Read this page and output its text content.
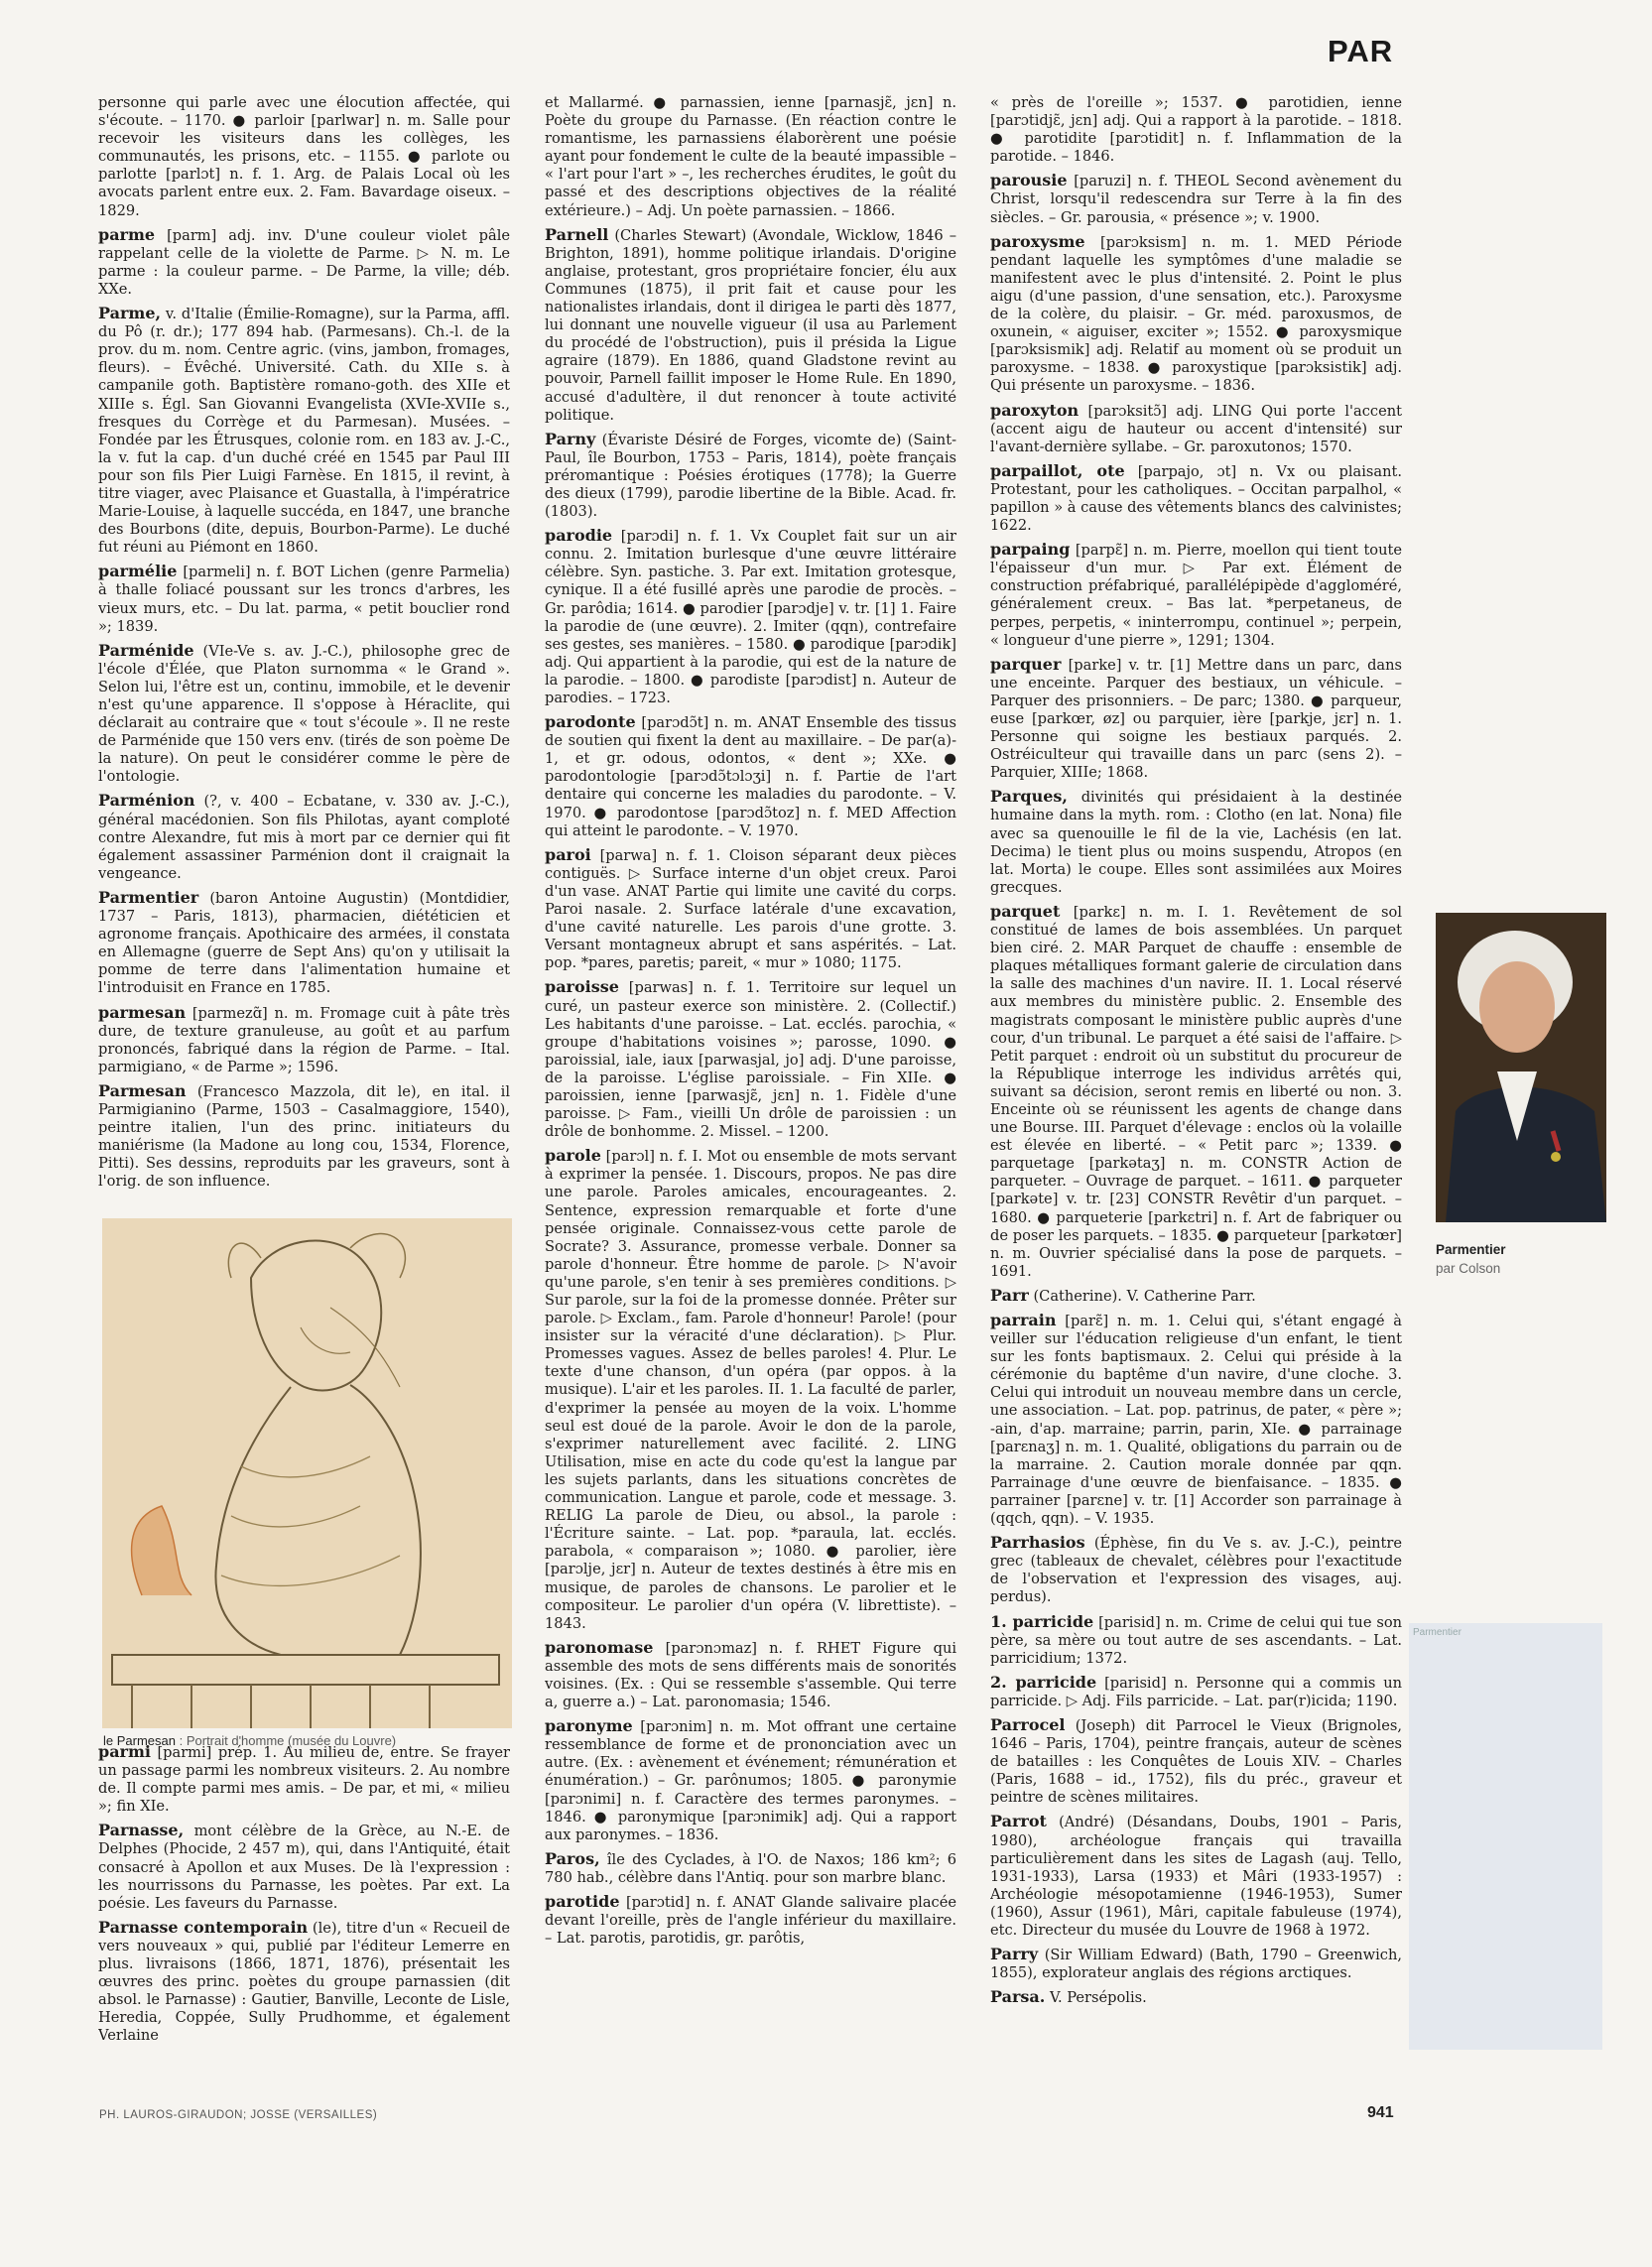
PAR

personne qui parle avec une élocution affectée, qui s'écoute. – 1170. ● parloir [parlwar] n. m. Salle pour recevoir les visiteurs dans les collèges, les communautés, les prisons, etc. – 1155. ● parlote ou parlotte [parlɔt] n. f. 1. Arg. de Palais Local où les avocats parlent entre eux. 2. Fam. Bavardage oiseux. – 1829.

parme [parm] adj. inv. D'une couleur violet pâle rappelant celle de la violette de Parme. ▷ N. m. Le parme : la couleur parme. – De Parme, la ville; déb. XXe.

Parme, v. d'Italie (Émilie-Romagne), sur la Parma, affl. du Pô (r. dr.); 177 894 hab. (Parmesans). Ch.-l. de la prov. du m. nom. Centre agric. (vins, jambon, fromages, fleurs). – Évêché. Université. Cath. du XIIe s. à campanile goth. Baptistère romano-goth. des XIIe et XIIIe s. Égl. San Giovanni Evangelista (XVIe-XVIIe s., fresques du Corrège et du Parmesan). Musées. – Fondée par les Étrusques, colonie rom. en 183 av. J.-C., la v. fut la cap. d'un duché créé en 1545 par Paul III pour son fils Pier Luigi Farnèse. En 1815, il revint, à titre viager, avec Plaisance et Guastalla, à l'impératrice Marie-Louise, à laquelle succéda, en 1847, une branche des Bourbons (dite, depuis, Bourbon-Parme). Le duché fut réuni au Piémont en 1860.

parmélie [parmeli] n. f. BOT Lichen (genre Parmelia) à thalle foliacé poussant sur les troncs d'arbres, les vieux murs, etc. – Du lat. parma, « petit bouclier rond »; 1839.

Parménide (VIe-Ve s. av. J.-C.), philosophe grec de l'école d'Élée, que Platon surnomma « le Grand ». Selon lui, l'être est un, continu, immobile, et le devenir n'est qu'une apparence. Il s'oppose à Héraclite, qui déclarait au contraire que « tout s'écoule ». Il ne reste de Parménide que 150 vers env. (tirés de son poème De la nature). On peut le considérer comme le père de l'ontologie.

Parménion (?, v. 400 – Ecbatane, v. 330 av. J.-C.), général macédonien. Son fils Philotas, ayant comploté contre Alexandre, fut mis à mort par ce dernier qui fit également assassiner Parménion dont il craignait la vengeance.

Parmentier (baron Antoine Augustin) (Montdidier, 1737 – Paris, 1813), pharmacien, diététicien et agronome français. Apothicaire des armées, il constata en Allemagne (guerre de Sept Ans) qu'on y utilisait la pomme de terre dans l'alimentation humaine et l'introduisit en France en 1785.

parmesan [parmezɑ̃] n. m. Fromage cuit à pâte très dure, de texture granuleuse, au goût et au parfum prononcés, fabriqué dans la région de Parme. – Ital. parmigiano, « de Parme »; 1596.

Parmesan (Francesco Mazzola, dit le), en ital. il Parmigianino (Parme, 1503 – Casalmaggiore, 1540), peintre italien, l'un des princ. initiateurs du maniérisme (la Madone au long cou, 1534, Florence, Pitti). Ses dessins, reproduits par les graveurs, sont à l'orig. de son influence.

le Parmesan : Portrait d'homme (musée du Louvre)

parmi [parmi] prép. 1. Au milieu de, entre. Se frayer un passage parmi les nombreux visiteurs. 2. Au nombre de. Il compte parmi mes amis. – De par, et mi, « milieu »; fin XIe.

Parnasse, mont célèbre de la Grèce, au N.-E. de Delphes (Phocide, 2 457 m), qui, dans l'Antiquité, était consacré à Apollon et aux Muses. De là l'expression : les nourrissons du Parnasse, les poètes. Par ext. La poésie. Les faveurs du Parnasse.

Parnasse contemporain (le), titre d'un « Recueil de vers nouveaux » qui, publié par l'éditeur Lemerre en plus. livraisons (1866, 1871, 1876), présentait les œuvres des princ. poètes du groupe parnassien (dit absol. le Parnasse) : Gautier, Banville, Leconte de Lisle, Heredia, Coppée, Sully Prudhomme, et également Verlaine

et Mallarmé. ● parnassien, ienne [parnasjɛ̃, jɛn] n. Poète du groupe du Parnasse. (En réaction contre le romantisme, les parnassiens élaborèrent une poésie ayant pour fondement le culte de la beauté impassible – « l'art pour l'art » –, les recherches érudites, le goût du passé et des descriptions objectives de la réalité extérieure.) – Adj. Un poète parnassien. – 1866.

Parnell (Charles Stewart) (Avondale, Wicklow, 1846 – Brighton, 1891), homme politique irlandais. D'origine anglaise, protestant, gros propriétaire foncier, élu aux Communes (1875), il prit fait et cause pour les nationalistes irlandais, dont il dirigea le parti dès 1877, lui donnant une nouvelle vigueur (il usa au Parlement du procédé de l'obstruction), puis il présida la Ligue agraire (1879). En 1886, quand Gladstone revint au pouvoir, Parnell faillit imposer le Home Rule. En 1890, accusé d'adultère, il dut renoncer à toute activité politique.

Parny (Évariste Désiré de Forges, vicomte de) (Saint-Paul, île Bourbon, 1753 – Paris, 1814), poète français préromantique : Poésies érotiques (1778); la Guerre des dieux (1799), parodie libertine de la Bible. Acad. fr. (1803).

parodie [parɔdi] n. f. 1. Vx Couplet fait sur un air connu. 2. Imitation burlesque d'une œuvre littéraire célèbre. Syn. pastiche. 3. Par ext. Imitation grotesque, cynique. Il a été fusillé après une parodie de procès. – Gr. parôdia; 1614. ● parodier [parɔdje] v. tr. [1] 1. Faire la parodie de (une œuvre). 2. Imiter (qqn), contrefaire ses gestes, ses manières. – 1580. ● parodique [parɔdik] adj. Qui appartient à la parodie, qui est de la nature de la parodie. – 1800. ● parodiste [parɔdist] n. Auteur de parodies. – 1723.

parodonte [parɔdɔ̃t] n. m. ANAT Ensemble des tissus de soutien qui fixent la dent au maxillaire. – De par(a)- 1, et gr. odous, odontos, « dent »; XXe. ● parodontologie [parɔdɔ̃tɔlɔʒi] n. f. Partie de l'art dentaire qui concerne les maladies du parodonte. – V. 1970. ● parodontose [parɔdɔ̃toz] n. f. MED Affection qui atteint le parodonte. – V. 1970.

paroi [parwa] n. f. 1. Cloison séparant deux pièces contiguës. ▷ Surface interne d'un objet creux. Paroi d'un vase. ANAT Partie qui limite une cavité du corps. Paroi nasale. 2. Surface latérale d'une excavation, d'une cavité naturelle. Les parois d'une grotte. 3. Versant montagneux abrupt et sans aspérités. – Lat. pop. *pares, paretis; pareit, « mur » 1080; 1175.

paroisse [parwas] n. f. 1. Territoire sur lequel un curé, un pasteur exerce son ministère. 2. (Collectif.) Les habitants d'une paroisse. – Lat. ecclés. parochia, « groupe d'habitations voisines »; parosse, 1090. ● paroissial, iale, iaux [parwasjal, jo] adj. D'une paroisse, de la paroisse. L'église paroissiale. – Fin XIIe. ● paroissien, ienne [parwasjɛ̃, jɛn] n. 1. Fidèle d'une paroisse. ▷ Fam., vieilli Un drôle de paroissien : un drôle de bonhomme. 2. Missel. – 1200.

parole [parɔl] n. f. I. Mot ou ensemble de mots servant à exprimer la pensée. 1. Discours, propos. Ne pas dire une parole. Paroles amicales, encourageantes. 2. Sentence, expression remarquable et forte d'une pensée originale. Connaissez-vous cette parole de Socrate? 3. Assurance, promesse verbale. Donner sa parole d'honneur. Être homme de parole. ▷ N'avoir qu'une parole, s'en tenir à ses premières conditions. ▷ Sur parole, sur la foi de la promesse donnée. Prêter sur parole. ▷ Exclam., fam. Parole d'honneur! Parole! (pour insister sur la véracité d'une déclaration). ▷ Plur. Promesses vagues. Assez de belles paroles! 4. Plur. Le texte d'une chanson, d'un opéra (par oppos. à la musique). L'air et les paroles. II. 1. La faculté de parler, d'exprimer la pensée au moyen de la voix. L'homme seul est doué de la parole. Avoir le don de la parole, s'exprimer naturellement avec facilité. 2. LING Utilisation, mise en acte du code qu'est la langue par les sujets parlants, dans les situations concrètes de communication. Langue et parole, code et message. 3. RELIG La parole de Dieu, ou absol., la parole : l'Écriture sainte. – Lat. pop. *paraula, lat. ecclés. parabola, « comparaison »; 1080. ● parolier, ière [parɔlje, jɛr] n. Auteur de textes destinés à être mis en musique, de paroles de chansons. Le parolier et le compositeur. Le parolier d'un opéra (V. librettiste). – 1843.

paronomase [parɔnɔmaz] n. f. RHET Figure qui assemble des mots de sens différents mais de sonorités voisines. (Ex. : Qui se ressemble s'assemble. Qui terre a, guerre a.) – Lat. paronomasia; 1546.

paronyme [parɔnim] n. m. Mot offrant une certaine ressemblance de forme et de prononciation avec un autre. (Ex. : avènement et événement; rémunération et énumération.) – Gr. parônumos; 1805. ● paronymie [parɔnimi] n. f. Caractère des termes paronymes. – 1846. ● paronymique [parɔnimik] adj. Qui a rapport aux paronymes. – 1836.

Paros, île des Cyclades, à l'O. de Naxos; 186 km²; 6 780 hab., célèbre dans l'Antiq. pour son marbre blanc.

parotide [parɔtid] n. f. ANAT Glande salivaire placée devant l'oreille, près de l'angle inférieur du maxillaire. – Lat. parotis, parotidis, gr. parôtis,

« près de l'oreille »; 1537. ● parotidien, ienne [parɔtidjɛ̃, jɛn] adj. Qui a rapport à la parotide. – 1818. ● parotidite [parɔtidit] n. f. Inflammation de la parotide. – 1846.

parousie [paruzi] n. f. THEOL Second avènement du Christ, lorsqu'il redescendra sur Terre à la fin des siècles. – Gr. parousia, « présence »; v. 1900.

paroxysme [parɔksism] n. m. 1. MED Période pendant laquelle les symptômes d'une maladie se manifestent avec le plus d'intensité. 2. Point le plus aigu (d'une passion, d'une sensation, etc.). Paroxysme de la colère, du plaisir. – Gr. méd. paroxusmos, de oxunein, « aiguiser, exciter »; 1552. ● paroxysmique [parɔksismik] adj. Relatif au moment où se produit un paroxysme. – 1838. ● paroxystique [parɔksistik] adj. Qui présente un paroxysme. – 1836.

paroxyton [parɔksitɔ̃] adj. LING Qui porte l'accent (accent aigu de hauteur ou accent d'intensité) sur l'avant-dernière syllabe. – Gr. paroxutonos; 1570.

parpaillot, ote [parpajo, ɔt] n. Vx ou plaisant. Protestant, pour les catholiques. – Occitan parpalhol, « papillon » à cause des vêtements blancs des calvinistes; 1622.

parpaing [parpɛ̃] n. m. Pierre, moellon qui tient toute l'épaisseur d'un mur. ▷ Par ext. Élément de construction préfabriqué, parallélépipède d'aggloméré, généralement creux. – Bas lat. *perpetaneus, de perpes, perpetis, « ininterrompu, continuel »; perpein, « longueur d'une pierre », 1291; 1304.

parquer [parke] v. tr. [1] Mettre dans un parc, dans une enceinte. Parquer des bestiaux, un véhicule. – Parquer des prisonniers. – De parc; 1380. ● parqueur, euse [parkœr, øz] ou parquier, ière [parkje, jɛr] n. 1. Personne qui soigne les bestiaux parqués. 2. Ostréiculteur qui travaille dans un parc (sens 2). – Parquier, XIIIe; 1868.

Parques, divinités qui présidaient à la destinée humaine dans la myth. rom. : Clotho (en lat. Nona) file avec sa quenouille le fil de la vie, Lachésis (en lat. Decima) le tient plus ou moins suspendu, Atropos (en lat. Morta) le coupe. Elles sont assimilées aux Moires grecques.

parquet [parkɛ] n. m. I. 1. Revêtement de sol constitué de lames de bois assemblées. Un parquet bien ciré. 2. MAR Parquet de chauffe : ensemble de plaques métalliques formant galerie de circulation dans la salle des machines d'un navire. II. 1. Local réservé aux membres du ministère public. 2. Ensemble des magistrats composant le ministère public auprès d'une cour, d'un tribunal. Le parquet a été saisi de l'affaire. ▷ Petit parquet : endroit où un substitut du procureur de la République interroge les individus arrêtés qui, suivant sa décision, seront remis en liberté ou non. 3. Enceinte où se réunissent les agents de change dans une Bourse. III. Parquet d'élevage : enclos où la volaille est élevée en liberté. – « Petit parc »; 1339. ● parquetage [parkətaʒ] n. m. CONSTR Action de parqueter. – Ouvrage de parquet. – 1611. ● parqueter [parkəte] v. tr. [23] CONSTR Revêtir d'un parquet. – 1680. ● parqueterie [parkɛtri] n. f. Art de fabriquer ou de poser les parquets. – 1835. ● parqueteur [parkətœr] n. m. Ouvrier spécialisé dans la pose de parquets. – 1691.

Parr (Catherine). V. Catherine Parr.

parrain [parɛ̃] n. m. 1. Celui qui, s'étant engagé à veiller sur l'éducation religieuse d'un enfant, le tient sur les fonts baptismaux. 2. Celui qui préside à la cérémonie du baptême d'un navire, d'une cloche. 3. Celui qui introduit un nouveau membre dans un cercle, une association. – Lat. pop. patrinus, de pater, « père »; -ain, d'ap. marraine; parrin, parin, XIe. ● parrainage [parɛnaʒ] n. m. 1. Qualité, obligations du parrain ou de la marraine. 2. Caution morale donnée par qqn. Parrainage d'une œuvre de bienfaisance. – 1835. ● parrainer [parɛne] v. tr. [1] Accorder son parrainage à (qqch, qqn). – V. 1935.

Parrhasios (Éphèse, fin du Ve s. av. J.-C.), peintre grec (tableaux de chevalet, célèbres pour l'exactitude de l'observation et l'expression des visages, auj. perdus).

1. parricide [parisid] n. m. Crime de celui qui tue son père, sa mère ou tout autre de ses ascendants. – Lat. parricidium; 1372.

2. parricide [parisid] n. Personne qui a commis un parricide. ▷ Adj. Fils parricide. – Lat. par(r)icida; 1190.

Parrocel (Joseph) dit Parrocel le Vieux (Brignoles, 1646 – Paris, 1704), peintre français, auteur de scènes de batailles : les Conquêtes de Louis XIV. – Charles (Paris, 1688 – id., 1752), fils du préc., graveur et peintre de scènes militaires.

Parrot (André) (Désandans, Doubs, 1901 – Paris, 1980), archéologue français qui travailla particulièrement dans les sites de Lagash (auj. Tello, 1931-1933), Larsa (1933) et Mâri (1933-1957) : Archéologie mésopotamienne (1946-1953), Sumer (1960), Assur (1961), Mâri, capitale fabuleuse (1974), etc. Directeur du musée du Louvre de 1968 à 1972.

Parry (Sir William Edward) (Bath, 1790 – Greenwich, 1855), explorateur anglais des régions arctiques.

Parsa. V. Persépolis.

Parmentier
par Colson
Parmentier
PH. LAUROS-GIRAUDON; JOSSE (VERSAILLES)	941
